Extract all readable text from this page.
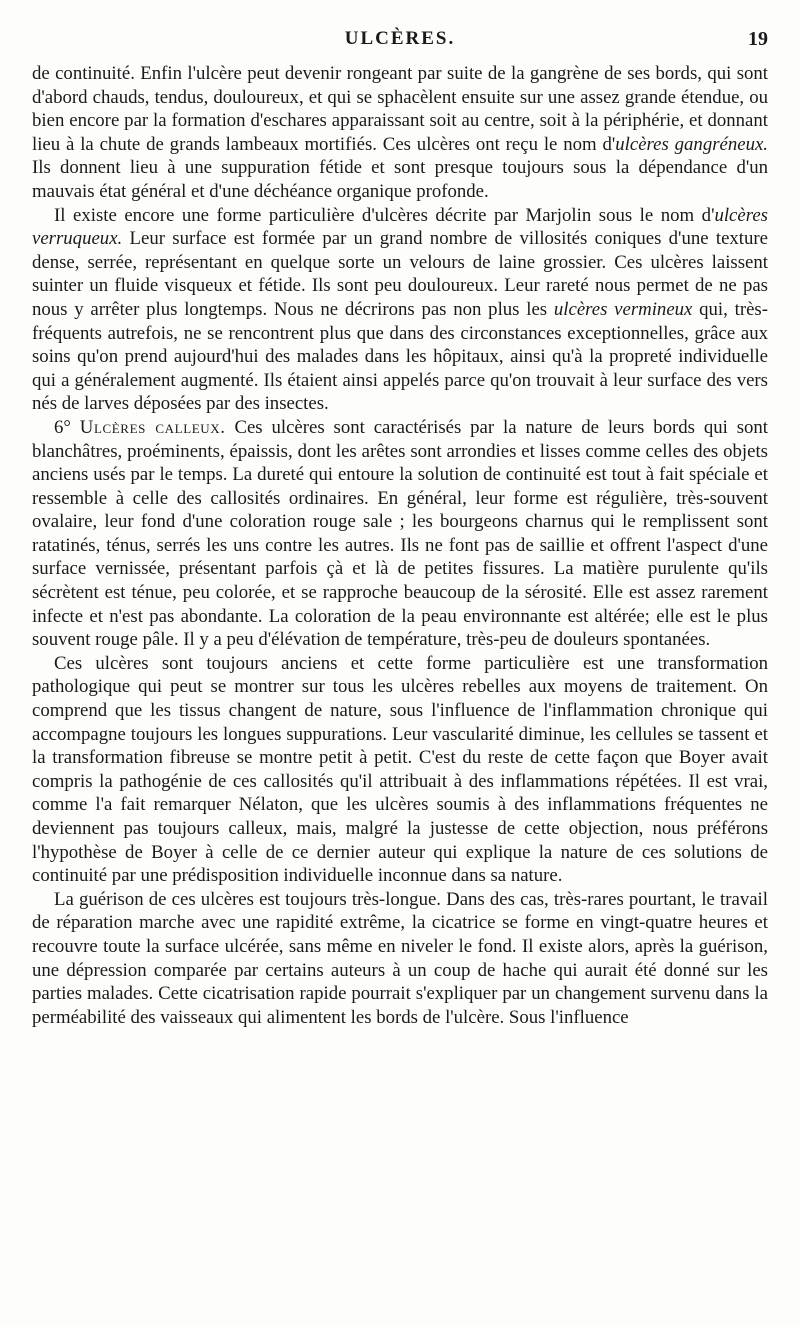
ULCÈRES.	19

de continuité. Enfin l'ulcère peut devenir rongeant par suite de la gangrène de ses bords, qui sont d'abord chauds, tendus, douloureux, et qui se sphacèlent ensuite sur une assez grande étendue, ou bien encore par la formation d'eschares apparaissant soit au centre, soit à la périphérie, et donnant lieu à la chute de grands lambeaux mortifiés. Ces ulcères ont reçu le nom d'ulcères gangréneux. Ils donnent lieu à une suppuration fétide et sont presque toujours sous la dépendance d'un mauvais état général et d'une déchéance organique profonde.

Il existe encore une forme particulière d'ulcères décrite par Marjolin sous le nom d'ulcères verruqueux. Leur surface est formée par un grand nombre de villosités coniques d'une texture dense, serrée, représentant en quelque sorte un velours de laine grossier. Ces ulcères laissent suinter un fluide visqueux et fétide. Ils sont peu douloureux. Leur rareté nous permet de ne pas nous y arrêter plus longtemps. Nous ne décrirons pas non plus les ulcères vermineux qui, très-fréquents autrefois, ne se rencontrent plus que dans des circonstances exceptionnelles, grâce aux soins qu'on prend aujourd'hui des malades dans les hôpitaux, ainsi qu'à la propreté individuelle qui a généralement augmenté. Ils étaient ainsi appelés parce qu'on trouvait à leur surface des vers nés de larves déposées par des insectes.

6° Ulcères calleux. Ces ulcères sont caractérisés par la nature de leurs bords qui sont blanchâtres, proéminents, épaissis, dont les arêtes sont arrondies et lisses comme celles des objets anciens usés par le temps. La dureté qui entoure la solution de continuité est tout à fait spéciale et ressemble à celle des callosités ordinaires. En général, leur forme est régulière, très-souvent ovalaire, leur fond d'une coloration rouge sale ; les bourgeons charnus qui le remplissent sont ratatinés, ténus, serrés les uns contre les autres. Ils ne font pas de saillie et offrent l'aspect d'une surface vernissée, présentant parfois çà et là de petites fissures. La matière purulente qu'ils sécrètent est ténue, peu colorée, et se rapproche beaucoup de la sérosité. Elle est assez rarement infecte et n'est pas abondante. La coloration de la peau environnante est altérée; elle est le plus souvent rouge pâle. Il y a peu d'élévation de température, très-peu de douleurs spontanées.

Ces ulcères sont toujours anciens et cette forme particulière est une transformation pathologique qui peut se montrer sur tous les ulcères rebelles aux moyens de traitement. On comprend que les tissus changent de nature, sous l'influence de l'inflammation chronique qui accompagne toujours les longues suppurations. Leur vascularité diminue, les cellules se tassent et la transformation fibreuse se montre petit à petit. C'est du reste de cette façon que Boyer avait compris la pathogénie de ces callosités qu'il attribuait à des inflammations répétées. Il est vrai, comme l'a fait remarquer Nélaton, que les ulcères soumis à des inflammations fréquentes ne deviennent pas toujours calleux, mais, malgré la justesse de cette objection, nous préférons l'hypothèse de Boyer à celle de ce dernier auteur qui explique la nature de ces solutions de continuité par une prédisposition individuelle inconnue dans sa nature.

La guérison de ces ulcères est toujours très-longue. Dans des cas, très-rares pourtant, le travail de réparation marche avec une rapidité extrême, la cicatrice se forme en vingt-quatre heures et recouvre toute la surface ulcérée, sans même en niveler le fond. Il existe alors, après la guérison, une dépression comparée par certains auteurs à un coup de hache qui aurait été donné sur les parties malades. Cette cicatrisation rapide pourrait s'expliquer par un changement survenu dans la perméabilité des vaisseaux qui alimentent les bords de l'ulcère. Sous l'influence
